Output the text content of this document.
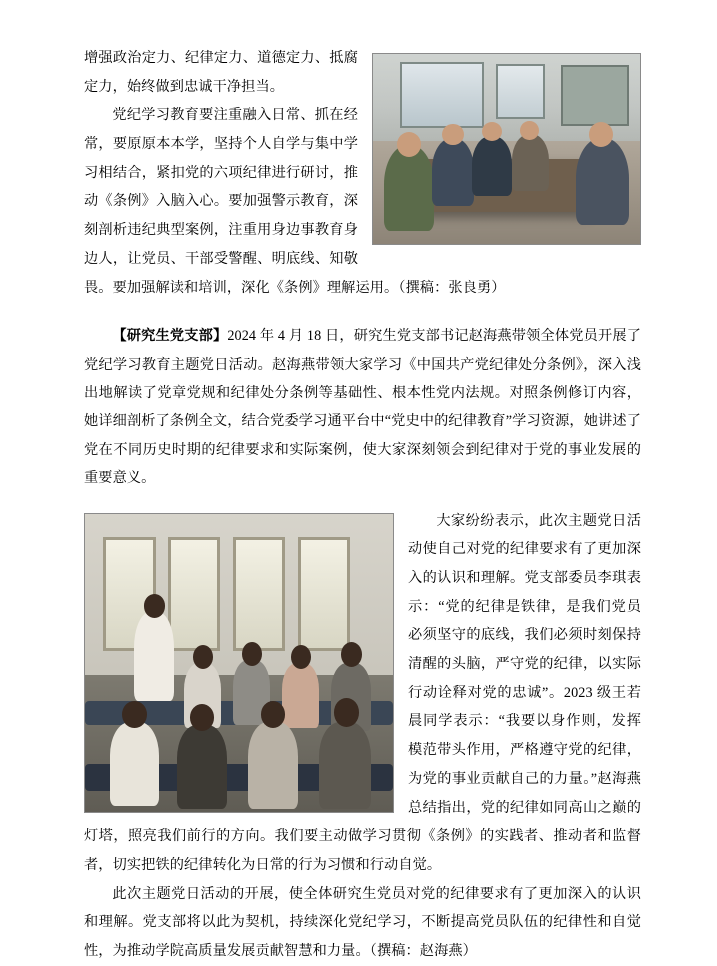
增强政治定力、纪律定力、道德定力、抵腐定力，始终做到忠诚干净担当。

党纪学习教育要注重融入日常、抓在经常，要原原本本学，坚持个人自学与集中学习相结合，紧扣党的六项纪律进行研讨，推动《条例》入脑入心。要加强警示教育，深刻剖析违纪典型案例，注重用身边事教育身边人，让党员、干部受警醒、明底线、知敬畏。要加强解读和培训，深化《条例》理解运用。（撰稿：张良勇）

【研究生党支部】2024 年 4 月 18 日，研究生党支部书记赵海燕带领全体党员开展了党纪学习教育主题党日活动。赵海燕带领大家学习《中国共产党纪律处分条例》，深入浅出地解读了党章党规和纪律处分条例等基础性、根本性党内法规。对照条例修订内容，她详细剖析了条例全文，结合党委学习通平台中“党史中的纪律教育”学习资源，她讲述了党在不同历史时期的纪律要求和实际案例，使大家深刻领会到纪律对于党的事业发展的重要意义。

大家纷纷表示，此次主题党日活动使自己对党的纪律要求有了更加深入的认识和理解。党支部委员李琪表示：“党的纪律是铁律，是我们党员必须坚守的底线，我们必须时刻保持清醒的头脑，严守党的纪律，以实际行动诠释对党的忠诚”。2023 级王若晨同学表示：“我要以身作则，发挥模范带头作用，严格遵守党的纪律，为党的事业贡献自己的力量。”赵海燕总结指出，党的纪律如同高山之巅的灯塔，照亮我们前行的方向。我们要主动做学习贯彻《条例》的实践者、推动者和监督者，切实把铁的纪律转化为日常的行为习惯和行动自觉。

此次主题党日活动的开展，使全体研究生党员对党的纪律要求有了更加深入的认识和理解。党支部将以此为契机，持续深化党纪学习，不断提高党员队伍的纪律性和自觉性，为推动学院高质量发展贡献智慧和力量。（撰稿：赵海燕）
